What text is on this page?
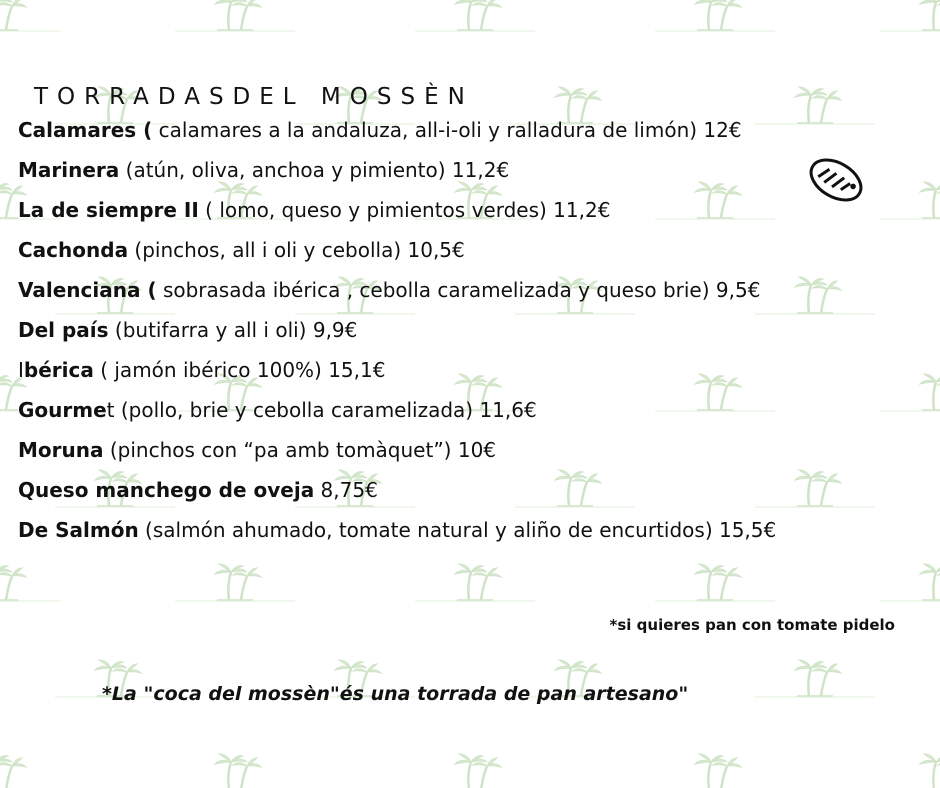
TORRADASDEL MOSSÈN
Calamares ( calamares a la andaluza, all-i-oli y ralladura de limón) 12€
Marinera (atún, oliva, anchoa y pimiento) 11,2€
La de siempre II ( lomo, queso y pimientos verdes) 11,2€
Cachonda (pinchos, all i oli y cebolla) 10,5€
Valenciana ( sobrasada ibérica , cebolla caramelizada y queso brie) 9,5€
Del país (butifarra y all i oli) 9,9€
Ibérica ( jamón ibérico 100%) 15,1€
Gourmet (pollo, brie y cebolla caramelizada) 11,6€
Moruna (pinchos con “pa amb tomàquet”) 10€
Queso manchego de oveja 8,75€
De Salmón (salmón ahumado, tomate natural y aliño de encurtidos) 15,5€
*si quieres pan con tomate pidelo
*La "coca del mossèn"és una torrada de pan artesano"
